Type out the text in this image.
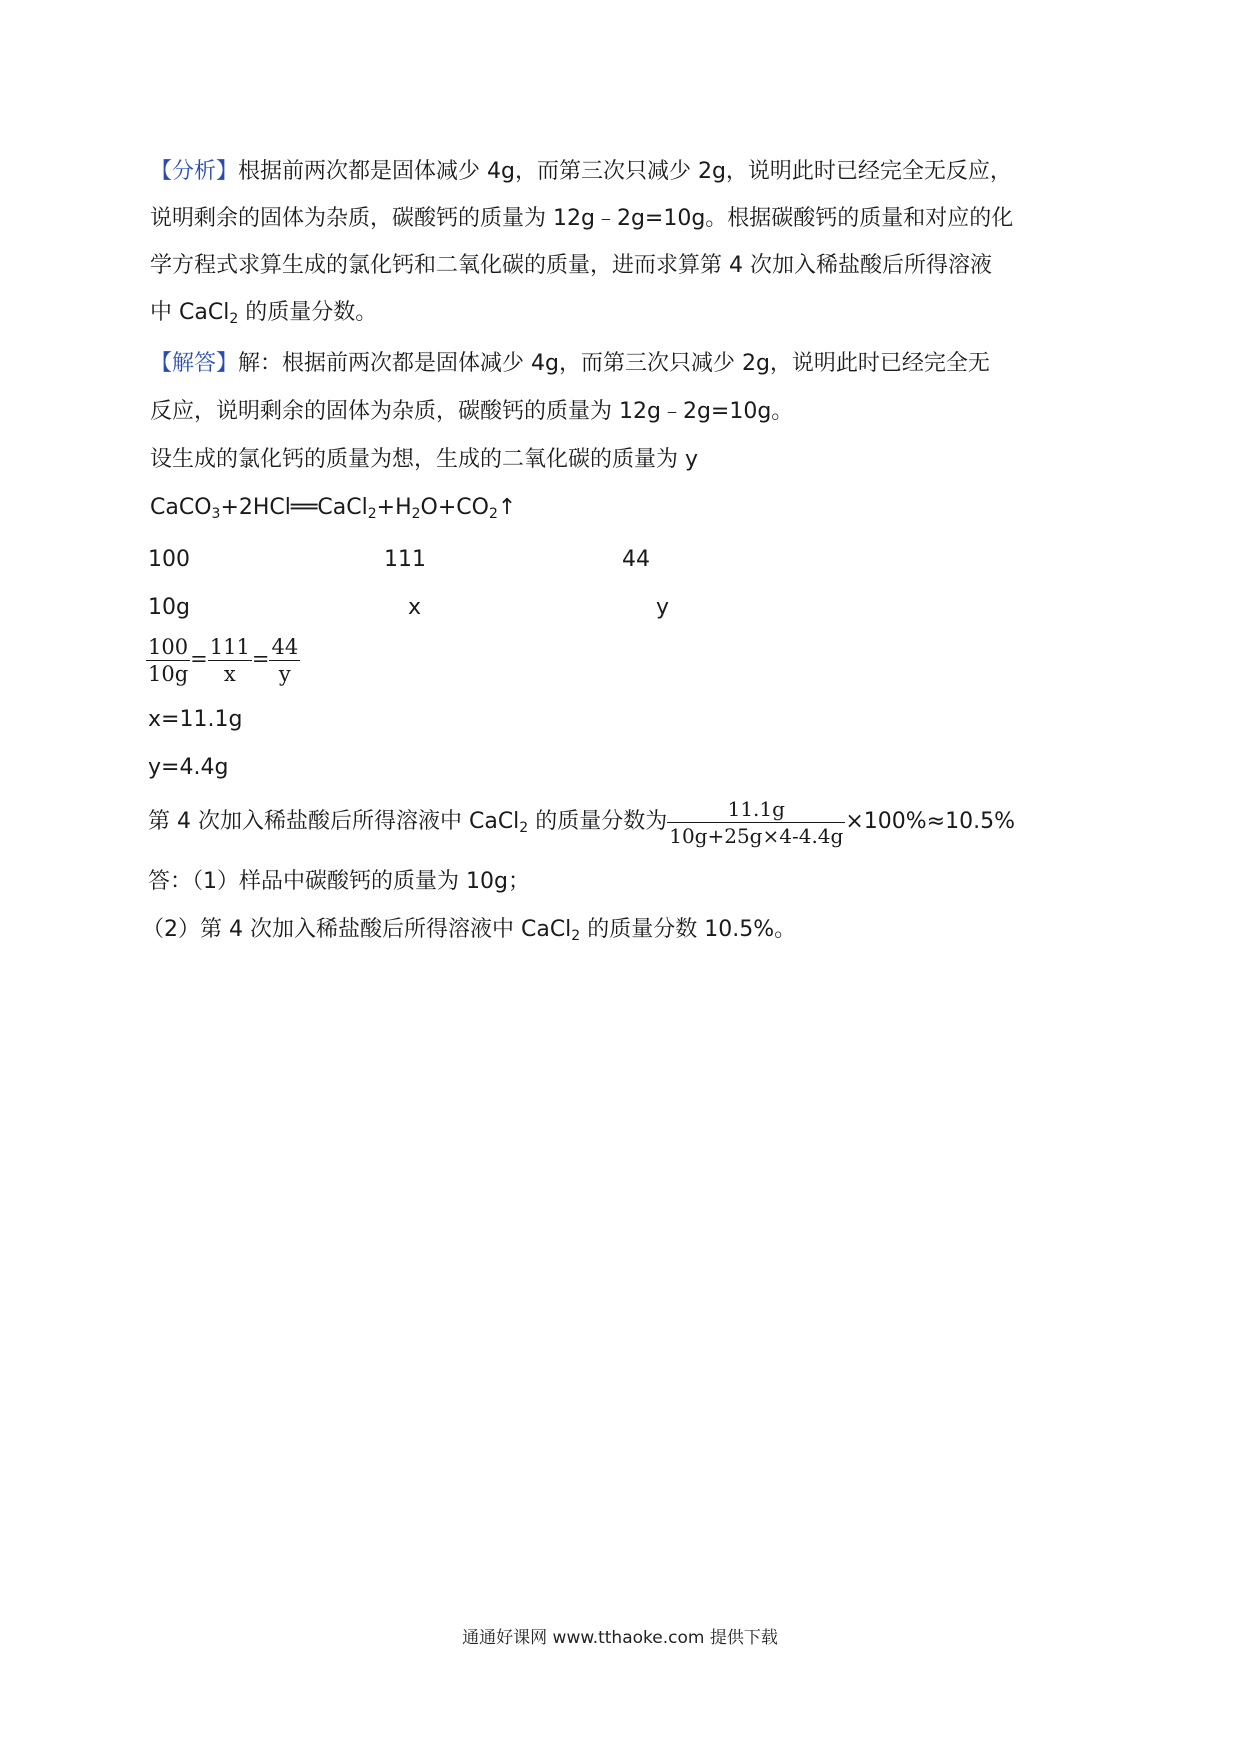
【分析】根据前两次都是固体减少 4g，而第三次只减少 2g，说明此时已经完全无反应，
说明剩余的固体为杂质，碳酸钙的质量为 12g﹣2g=10g。根据碳酸钙的质量和对应的化
学方程式求算生成的氯化钙和二氧化碳的质量，进而求算第 4 次加入稀盐酸后所得溶液
中 CaCl$_2$ 的质量分数。
【解答】解：根据前两次都是固体减少 4g，而第三次只减少 2g，说明此时已经完全无
反应，说明剩余的固体为杂质，碳酸钙的质量为 12g﹣2g=10g。
设生成的氯化钙的质量为想，生成的二氧化碳的质量为 y
$CaCO_3+2HCl══CaCl_2+H_2O+CO_2↑$
100	111	44
10g	x	y
$\frac{100}{10g} = \frac{111}{x} = \frac{44}{y}$
x=11.1g
y=4.4g
第 4 次加入稀盐酸后所得溶液中 CaCl$_2$ 的质量分数为 $\frac{11.1g}{10g+25g\times 4-4.4g} \times 100\%\approx 10.5\%$
答：（1）样品中碳酸钙的质量为 10g；
（2）第 4 次加入稀盐酸后所得溶液中 CaCl$_2$ 的质量分数 10.5%。
通通好课网 www.tthaoke.com 提供下载
